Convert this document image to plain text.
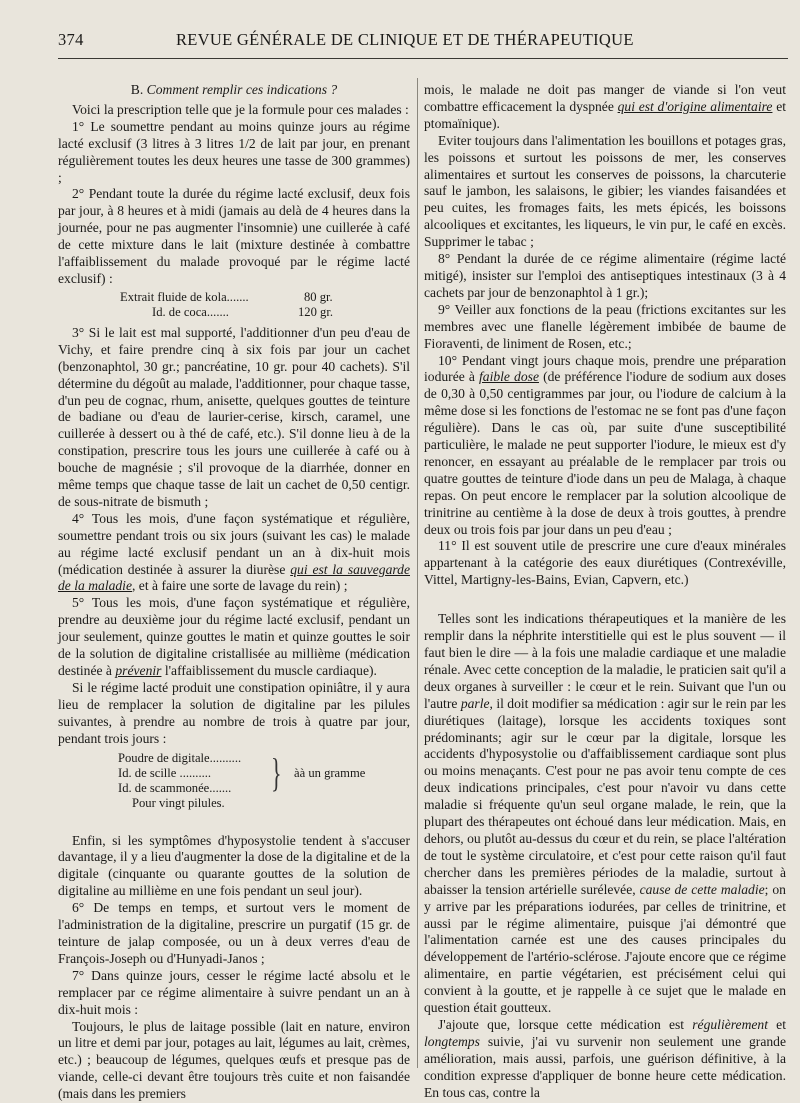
374	REVUE GÉNÉRALE DE CLINIQUE ET DE THÉRAPEUTIQUE

B. Comment remplir ces indications ?

Voici la prescription telle que je la formule pour ces malades :

1° Le soumettre pendant au moins quinze jours au régime lacté exclusif (3 litres à 3 litres 1/2 de lait par jour, en prenant régulièrement toutes les deux heures une tasse de 300 grammes) ;

2° Pendant toute la durée du régime lacté exclusif, deux fois par jour, à 8 heures et à midi (jamais au delà de 4 heures dans la journée, pour ne pas augmenter l'insomnie) une cuillerée à café de cette mixture dans le lait (mixture destinée à combattre l'affaiblissement du malade provoqué par le régime lacté exclusif) :

Extrait fluide de kola.......	80 gr.
Id. de coca.......	120 gr.

3° Si le lait est mal supporté, l'additionner d'un peu d'eau de Vichy, et faire prendre cinq à six fois par jour un cachet (benzonaphtol, 30 gr.; pancréatine, 10 gr. pour 40 cachets). S'il détermine du dégoût au malade, l'additionner, pour chaque tasse, d'un peu de cognac, rhum, anisette, quelques gouttes de teinture de badiane ou d'eau de laurier-cerise, kirsch, caramel, une cuillerée à dessert ou à thé de café, etc.). S'il donne lieu à de la constipation, prescrire tous les jours une cuillerée à café ou à bouche de magnésie ; s'il provoque de la diarrhée, donner en même temps que chaque tasse de lait un cachet de 0,50 centigr. de sous-nitrate de bismuth ;

4° Tous les mois, d'une façon systématique et régulière, soumettre pendant trois ou six jours (suivant les cas) le malade au régime lacté exclusif pendant un an à dix-huit mois (médication destinée à assurer la diurèse qui est la sauvegarde de la maladie, et à faire une sorte de lavage du rein) ;

5° Tous les mois, d'une façon systématique et régulière, prendre au deuxième jour du régime lacté exclusif, pendant un jour seulement, quinze gouttes le matin et quinze gouttes le soir de la solution de digitaline cristallisée au millième (médication destinée à prévenir l'affaiblissement du muscle cardiaque).

Si le régime lacté produit une constipation opiniâtre, il y aura lieu de remplacer la solution de digitaline par les pilules suivantes, à prendre au nombre de trois à quatre par jour, pendant trois jours :

Poudre de digitale..........
Id. de scille ..........
Id. de scammonée....... } àà un gramme
Pour vingt pilules.

Enfin, si les symptômes d'hyposystolie tendent à s'accuser davantage, il y a lieu d'augmenter la dose de la digitaline et de la digitale (cinquante ou quarante gouttes de la solution de digitaline au millième en une fois pendant un seul jour).

6° De temps en temps, et surtout vers le moment de l'administration de la digitaline, prescrire un purgatif (15 gr. de teinture de jalap composée, ou un à deux verres d'eau de François-Joseph ou d'Hunyadi-Janos ;

7° Dans quinze jours, cesser le régime lacté absolu et le remplacer par ce régime alimentaire à suivre pendant un an à dix-huit mois :

Toujours, le plus de laitage possible (lait en nature, environ un litre et demi par jour, potages au lait, légumes au lait, crèmes, etc.) ; beaucoup de légumes, quelques œufs et presque pas de viande, celle-ci devant être toujours très cuite et non faisandée (mais dans les premiers

mois, le malade ne doit pas manger de viande si l'on veut combattre efficacement la dyspnée qui est d'origine alimentaire et ptomaïnique).

Eviter toujours dans l'alimentation les bouillons et potages gras, les poissons et surtout les poissons de mer, les conserves alimentaires et surtout les conserves de poissons, la charcuterie sauf le jambon, les salaisons, le gibier; les viandes faisandées et peu cuites, les fromages faits, les mets épicés, les boissons alcooliques et excitantes, les liqueurs, le vin pur, le café en excès. Supprimer le tabac ;

8° Pendant la durée de ce régime alimentaire (régime lacté mitigé), insister sur l'emploi des antiseptiques intestinaux (3 à 4 cachets par jour de benzonaphtol à 1 gr.);

9° Veiller aux fonctions de la peau (frictions excitantes sur les membres avec une flanelle légèrement imbibée de baume de Fioraventi, de liniment de Rosen, etc.;

10° Pendant vingt jours chaque mois, prendre une préparation iodurée à faible dose (de préférence l'iodure de sodium aux doses de 0,30 à 0,50 centigrammes par jour, ou l'iodure de calcium à la même dose si les fonctions de l'estomac ne se font pas d'une façon régulière). Dans le cas où, par suite d'une susceptibilité particulière, le malade ne peut supporter l'iodure, le mieux est d'y renoncer, en essayant au préalable de le remplacer par trois ou quatre gouttes de teinture d'iode dans un peu de Malaga, à chaque repas. On peut encore le remplacer par la solution alcoolique de trinitrine au centième à la dose de deux à trois gouttes, à prendre deux ou trois fois par jour dans un peu d'eau ;

11° Il est souvent utile de prescrire une cure d'eaux minérales appartenant à la catégorie des eaux diurétiques (Contrexéville, Vittel, Martigny-les-Bains, Evian, Capvern, etc.)

Telles sont les indications thérapeutiques et la manière de les remplir dans la néphrite interstitielle qui est le plus souvent — il faut bien le dire — à la fois une maladie cardiaque et une maladie rénale. Avec cette conception de la maladie, le praticien sait qu'il a deux organes à surveiller : le cœur et le rein. Suivant que l'un ou l'autre parle, il doit modifier sa médication : agir sur le rein par les diurétiques (laitage), lorsque les accidents toxiques sont prédominants; agir sur le cœur par la digitale, lorsque les accidents d'hyposystolie ou d'affaiblissement cardiaque sont plus ou moins menaçants. C'est pour ne pas avoir tenu compte de ces deux indications principales, c'est pour n'avoir vu dans cette maladie si fréquente qu'un seul organe malade, le rein, que la plupart des thérapeutes ont échoué dans leur médication. Mais, en dehors, ou plutôt au-dessus du cœur et du rein, se place l'altération de tout le système circulatoire, et c'est pour cette raison qu'il faut chercher dans les premières périodes de la maladie, surtout à abaisser la tension artérielle surélevée, cause de cette maladie; on y arrive par les préparations iodurées, par celles de trinitrine, et aussi par le régime alimentaire, puisque j'ai démontré que l'alimentation carnée est une des causes principales du développement de l'artério-sclérose. J'ajoute encore que ce régime alimentaire, en partie végétarien, est précisément celui qui convient à la goutte, et je rappelle à ce sujet que le malade en question était goutteux.

J'ajoute que, lorsque cette médication est régulièrement et longtemps suivie, j'ai vu survenir non seulement une grande amélioration, mais aussi, parfois, une guérison définitive, à la condition expresse d'appliquer de bonne heure cette médication. En tous cas, contre la
